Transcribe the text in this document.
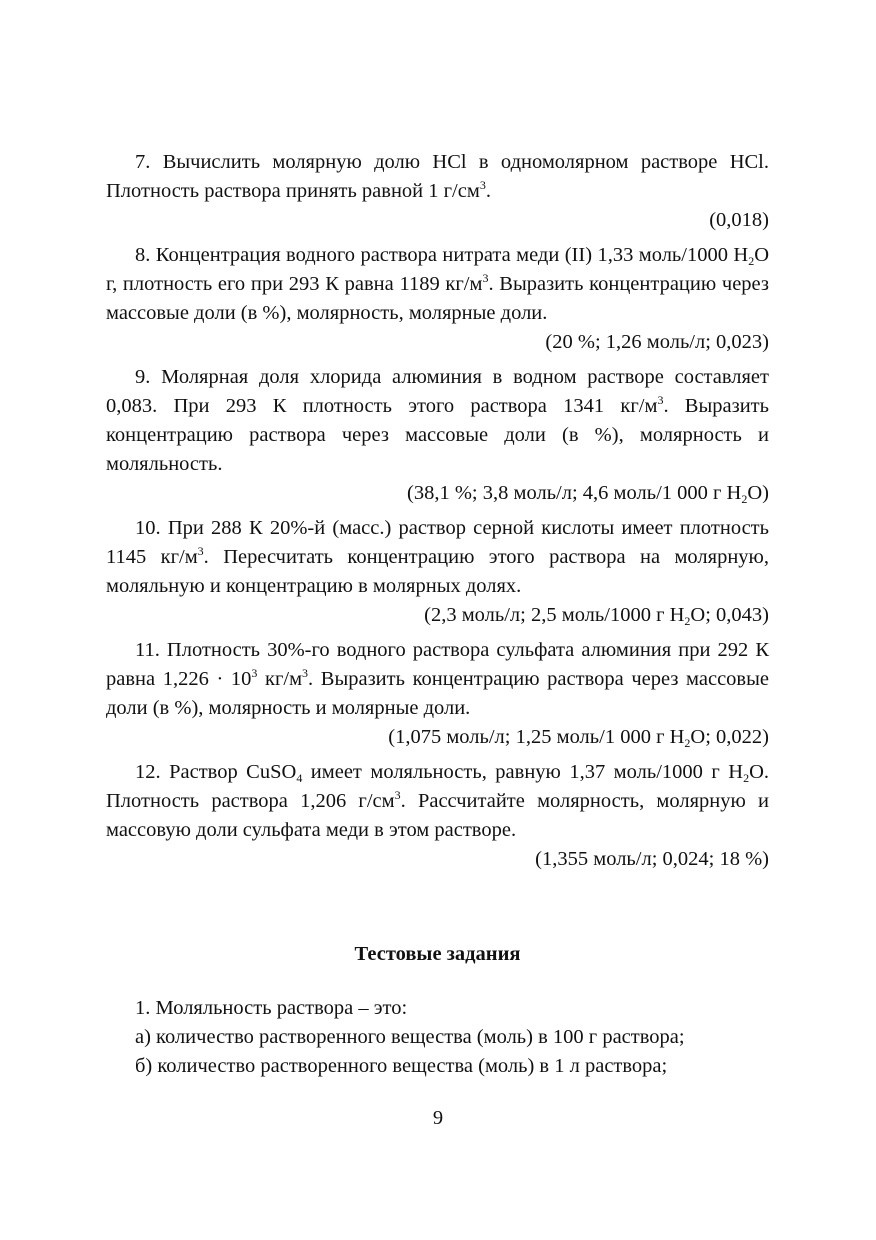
7. Вычислить молярную долю HCl в одномолярном растворе HCl. Плотность раствора принять равной 1 $г/см^3$.

(0,018)

8. Концентрация водного раствора нитрата меди (II) 1,33 моль/1000 $H_2O$ г, плотность его при 293 К равна 1189 $кг/м^3$. Выразить концентрацию через массовые доли (в %), молярность, молярные доли.

(20 %; 1,26 моль/л; 0,023)

9. Молярная доля хлорида алюминия в водном растворе составляет 0,083. При 293 К плотность этого раствора 1341 $кг/м^3$. Выразить концентрацию раствора через массовые доли (в %), молярность и моляльность.

(38,1 %; 3,8 моль/л; 4,6 моль/1 000 г $H_2O$)

10. При 288 К 20%-й (масс.) раствор серной кислоты имеет плотность 1145 $кг/м^3$. Пересчитать концентрацию этого раствора на молярную, моляльную и концентрацию в молярных долях.

(2,3 моль/л; 2,5 моль/1000 г $H_2O$; 0,043)

11. Плотность 30%-го водного раствора сульфата алюминия при 292 К равна $1,226 \cdot 10^3$ $кг/м^3$. Выразить концентрацию раствора через массовые доли (в %), молярность и молярные доли.

(1,075 моль/л; 1,25 моль/1 000 г $H_2O$; 0,022)

12. Раствор CuSO$_4$ имеет моляльность, равную 1,37 моль/1000 г $H_2O$. Плотность раствора 1,206 $г/см^3$. Рассчитайте молярность, молярную и массовую доли сульфата меди в этом растворе.

(1,355 моль/л; 0,024; 18 %)

Тестовые задания

1. Моляльность раствора – это:

а) количество растворенного вещества (моль) в 100 г раствора;

б) количество растворенного вещества (моль) в 1 л раствора;

9
